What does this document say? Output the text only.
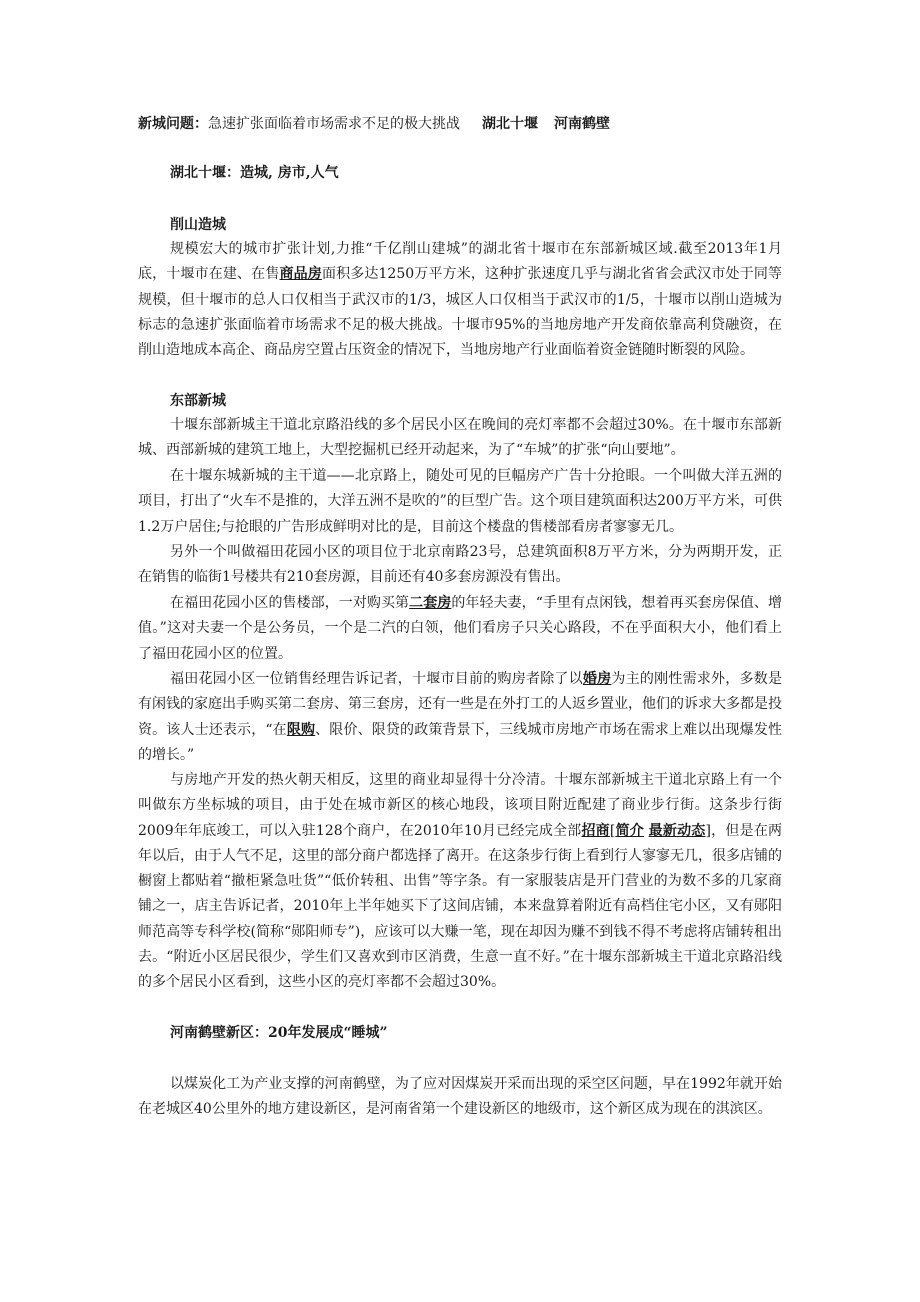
新城问题：急速扩张面临着市场需求不足的极大挑战 湖北十堰 河南鹤壁
湖北十堰：造城, 房市,人气
削山造城
规模宏大的城市扩张计划,力推“千亿削山建城”的湖北省十堰市在东部新城区域.截至2013年1月底，十堰市在建、在售商品房面积多达1250万平方米，这种扩张速度几乎与湖北省省会武汉市处于同等规模，但十堰市的总人口仅相当于武汉市的1/3，城区人口仅相当于武汉市的1/5，十堰市以削山造城为标志的急速扩张面临着市场需求不足的极大挑战。十堰市95%的当地房地产开发商依靠高利贷融资，在削山造地成本高企、商品房空置占压资金的情况下，当地房地产行业面临着资金链随时断裂的风险。
东部新城
十堰东部新城主干道北京路沿线的多个居民小区在晚间的亮灯率都不会超过30%。在十堰市东部新城、西部新城的建筑工地上，大型挖掘机已经开动起来，为了“车城”的扩张“向山要地”。
在十堰东城新城的主干道——北京路上，随处可见的巨幅房产广告十分抢眼。一个叫做大洋五洲的项目，打出了“火车不是推的，大洋五洲不是吹的”的巨型广告。这个项目建筑面积达200万平方米，可供1.2万户居住;与抢眼的广告形成鲜明对比的是，目前这个楼盘的售楼部看房者寥寥无几。
另外一个叫做福田花园小区的项目位于北京南路23号，总建筑面积8万平方米，分为两期开发，正在销售的临街1号楼共有210套房源，目前还有40多套房源没有售出。
在福田花园小区的售楼部，一对购买第二套房的年轻夫妻，“手里有点闲钱，想着再买套房保值、增值。”这对夫妻一个是公务员，一个是二汽的白领，他们看房子只关心路段，不在乎面积大小，他们看上了福田花园小区的位置。
福田花园小区一位销售经理告诉记者，十堰市目前的购房者除了以婚房为主的刚性需求外，多数是有闲钱的家庭出手购买第二套房、第三套房，还有一些是在外打工的人返乡置业，他们的诉求大多都是投资。该人士还表示，“在限购、限价、限贷的政策背景下，三线城市房地产市场在需求上难以出现爆发性的增长。”
与房地产开发的热火朝天相反，这里的商业却显得十分冷清。十堰东部新城主干道北京路上有一个叫做东方坐标城的项目，由于处在城市新区的核心地段，该项目附近配建了商业步行街。这条步行街2009年年底竣工，可以入驻128个商户，在2010年10月已经完成全部招商[简介 最新动态]，但是在两年以后，由于人气不足，这里的部分商户都选择了离开。在这条步行街上看到行人寥寥无几，很多店铺的橱窗上都贴着“撤柜紧急吐货”“低价转租、出售”等字条。有一家服装店是开门营业的为数不多的几家商铺之一，店主告诉记者，2010年上半年她买下了这间店铺，本来盘算着附近有高档住宅小区，又有郧阳师范高等专科学校(简称“郧阳师专”)，应该可以大赚一笔，现在却因为赚不到钱不得不考虑将店铺转租出去。“附近小区居民很少，学生们又喜欢到市区消费，生意一直不好。”在十堰东部新城主干道北京路沿线的多个居民小区看到，这些小区的亮灯率都不会超过30%。
河南鹤壁新区：20年发展成“睡城”
以煤炭化工为产业支撑的河南鹤壁，为了应对因煤炭开采而出现的采空区问题，早在1992年就开始在老城区40公里外的地方建设新区，是河南省第一个建设新区的地级市，这个新区成为现在的淇滨区。
